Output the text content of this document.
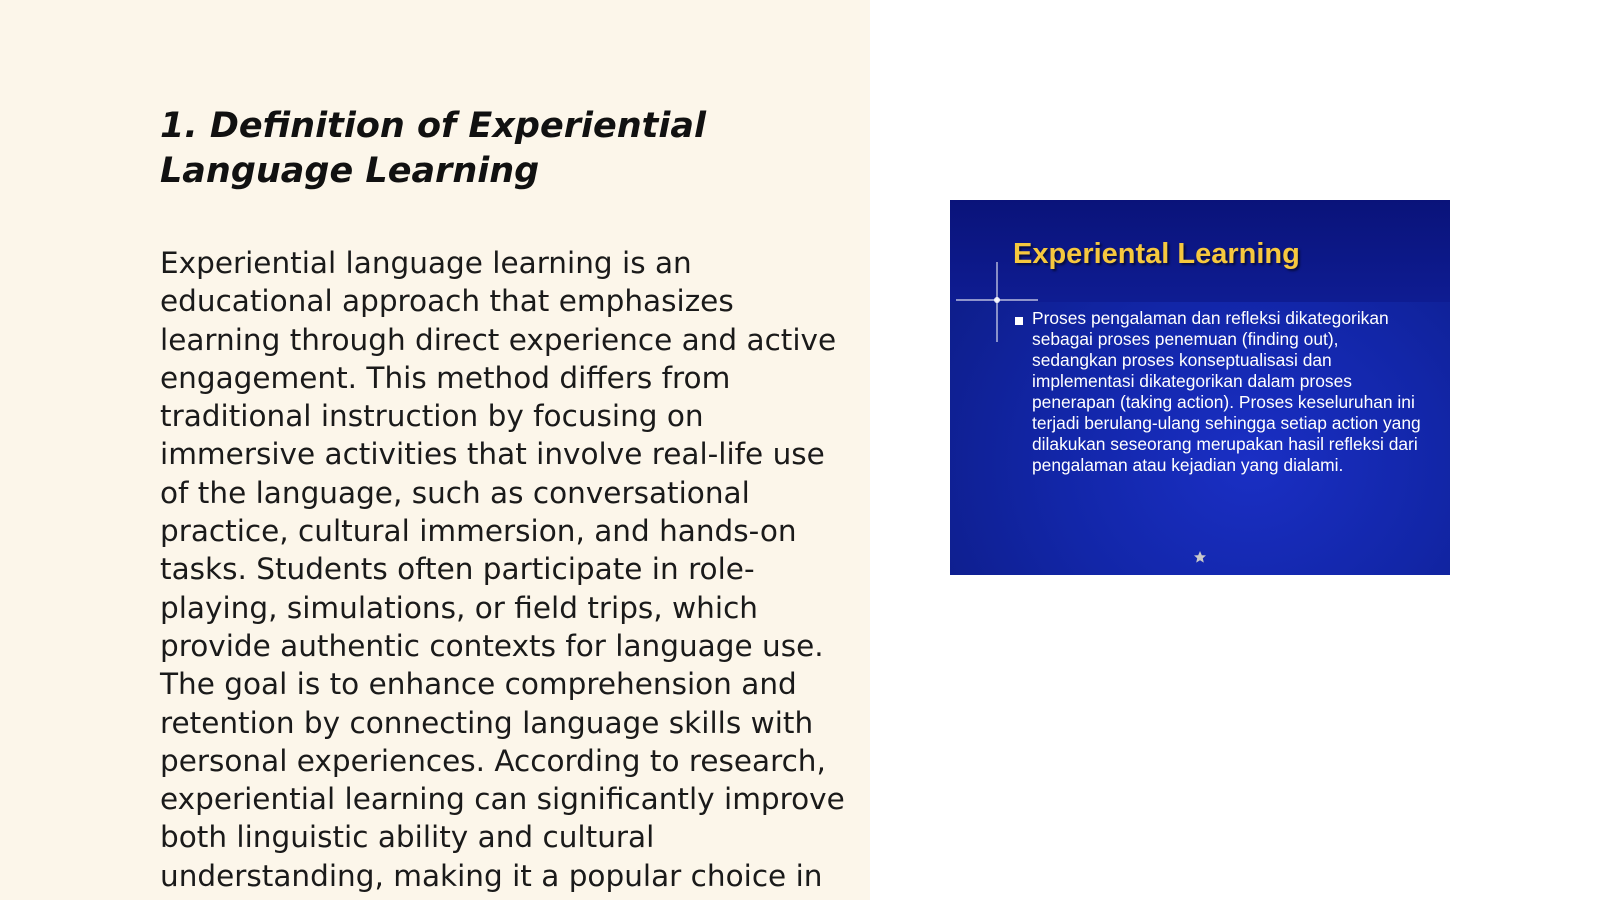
1. Definition of Experiential Language Learning

Experiential language learning is an educational approach that emphasizes learning through direct experience and active engagement. This method differs from traditional instruction by focusing on immersive activities that involve real-life use of the language, such as conversational practice, cultural immersion, and hands-on tasks. Students often participate in role-playing, simulations, or field trips, which provide authentic contexts for language use. The goal is to enhance comprehension and retention by connecting language skills with personal experiences. According to research, experiential learning can significantly improve both linguistic ability and cultural understanding, making it a popular choice in

Experiental Learning

Proses pengalaman dan refleksi dikategorikan sebagai proses penemuan (finding out), sedangkan proses konseptualisasi dan implementasi dikategorikan dalam proses penerapan (taking action). Proses keseluruhan ini terjadi berulang-ulang sehingga setiap action yang dilakukan seseorang merupakan hasil refleksi dari pengalaman atau kejadian yang dialami.
